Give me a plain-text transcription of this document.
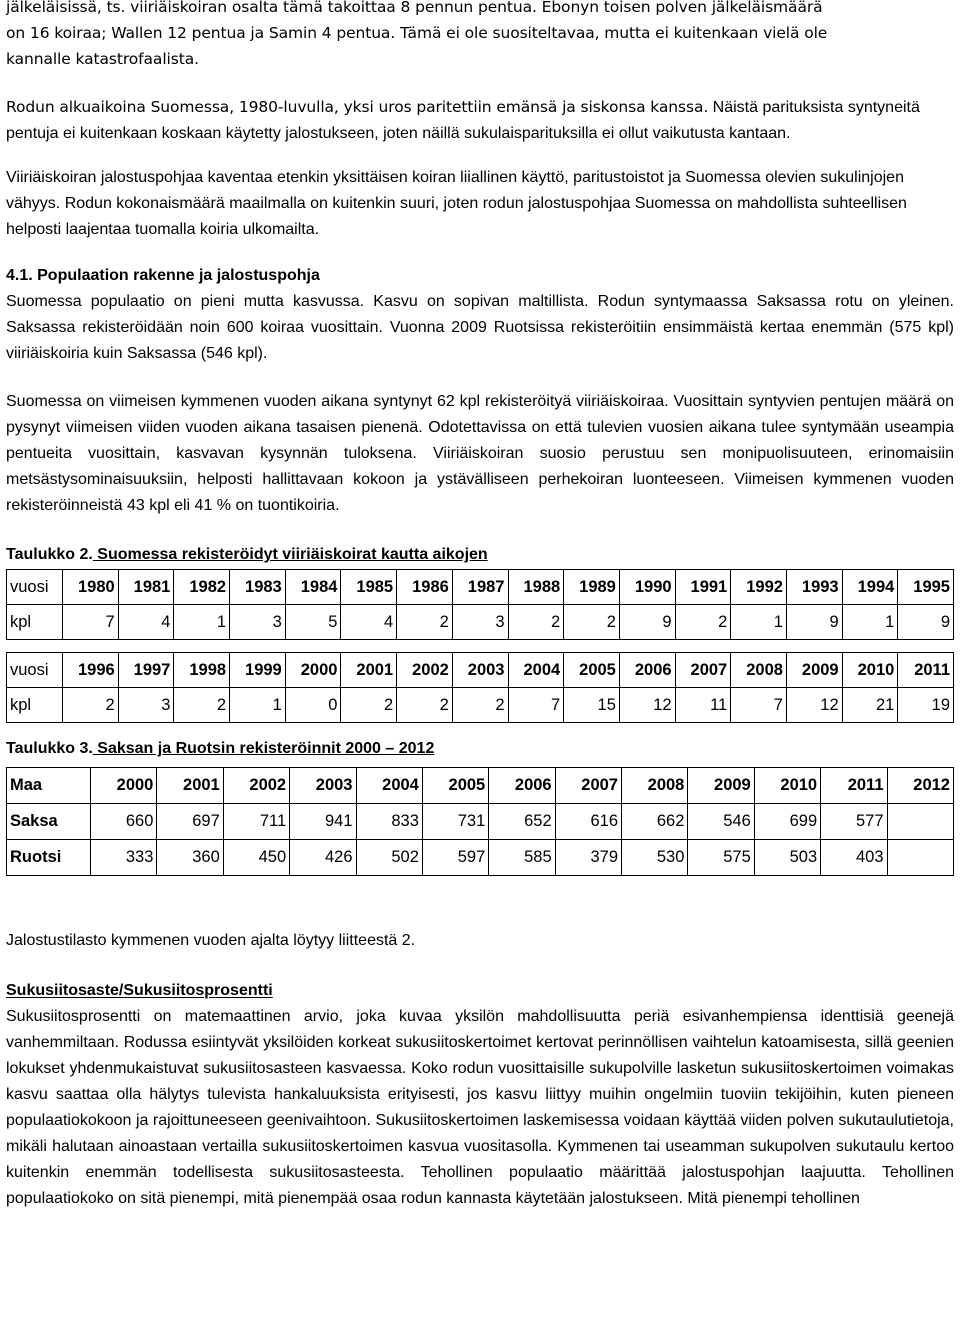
jälkeläisissä, ts. viiriäiskoiran osalta tämä takoittaa 8 pennun pentua. Ebonyn toisen polven jälkeläismäärä

on 16 koiraa; Wallen 12 pentua ja Samin 4 pentua. Tämä ei ole suositeltavaa, mutta ei kuitenkaan vielä ole

kannalle katastrofaalista.

Rodun alkuaikoina Suomessa, 1980-luvulla, yksi uros paritettiin emänsä ja siskonsa kanssa. Näistä parituksista syntyneitä pentuja ei kuitenkaan koskaan käytetty jalostukseen, joten näillä sukulaisparituksilla ei ollut vaikutusta kantaan.

Viiriäiskoiran jalostuspohjaa kaventaa etenkin yksittäisen koiran liiallinen käyttö, paritustoistot ja Suomessa olevien sukulinjojen vähyys. Rodun kokonaismäärä maailmalla on kuitenkin suuri, joten rodun jalostuspohjaa Suomessa on mahdollista suhteellisen helposti laajentaa tuomalla koiria ulkomailta.

4.1. Populaation rakenne ja jalostuspohja

Suomessa populaatio on pieni mutta kasvussa. Kasvu on sopivan maltillista. Rodun syntymaassa Saksassa rotu on yleinen. Saksassa rekisteröidään noin 600 koiraa vuosittain. Vuonna 2009 Ruotsissa rekisteröitiin ensimmäistä kertaa enemmän (575 kpl) viiriäiskoiria kuin Saksassa (546 kpl).

Suomessa on viimeisen kymmenen vuoden aikana syntynyt 62 kpl rekisteröityä viiriäiskoiraa. Vuosittain syntyvien pentujen määrä on pysynyt viimeisen viiden vuoden aikana tasaisen pienenä. Odotettavissa on että tulevien vuosien aikana tulee syntymään useampia pentueita vuosittain, kasvavan kysynnän tuloksena. Viiriäiskoiran suosio perustuu sen monipuolisuuteen, erinomaisiin metsästysominaisuuksiin, helposti hallittavaan kokoon ja ystävälliseen perhekoiran luonteeseen. Viimeisen kymmenen vuoden rekisteröinneistä 43 kpl eli 41 % on tuontikoiria.

Taulukko 2. Suomessa rekisteröidyt viiriäiskoirat kautta aikojen

vuosi	1980	1981	1982	1983	1984	1985	1986	1987	1988	1989	1990	1991	1992	1993	1994	1995
kpl	7	4	1	3	5	4	2	3	2	2	9	2	1	9	1	9
vuosi	1996	1997	1998	1999	2000	2001	2002	2003	2004	2005	2006	2007	2008	2009	2010	2011
kpl	2	3	2	1	0	2	2	2	7	15	12	11	7	12	21	19

Taulukko 3. Saksan ja Ruotsin rekisteröinnit 2000 – 2012

Maa	2000	2001	2002	2003	2004	2005	2006	2007	2008	2009	2010	2011	2012
Saksa	660	697	711	941	833	731	652	616	662	546	699	577	
Ruotsi	333	360	450	426	502	597	585	379	530	575	503	403	

Jalostustilasto kymmenen vuoden ajalta löytyy liitteestä 2.

Sukusiitosaste/Sukusiitosprosentti

Sukusiitosprosentti on matemaattinen arvio, joka kuvaa yksilön mahdollisuutta periä esivanhempiensa identtisiä geenejä vanhemmiltaan. Rodussa esiintyvät yksilöiden korkeat sukusiitoskertoimet kertovat perinnöllisen vaihtelun katoamisesta, sillä geenien lokukset yhdenmukaistuvat sukusiitosasteen kasvaessa. Koko rodun vuosittaisille sukupolville lasketun sukusiitoskertoimen voimakas kasvu saattaa olla hälytys tulevista hankaluuksista erityisesti, jos kasvu liittyy muihin ongelmiin tuoviin tekijöihin, kuten pieneen populaatiokokoon ja rajoittuneeseen geenivaihtoon. Sukusiitoskertoimen laskemisessa voidaan käyttää viiden polven sukutaulutietoja, mikäli halutaan ainoastaan vertailla sukusiitoskertoimen kasvua vuositasolla. Kymmenen tai useamman sukupolven sukutaulu kertoo kuitenkin enemmän todellisesta sukusiitosasteesta. Tehollinen populaatio määrittää jalostuspohjan laajuutta. Tehollinen populaatiokoko on sitä pienempi, mitä pienempää osaa rodun kannasta käytetään jalostukseen. Mitä pienempi tehollinen
